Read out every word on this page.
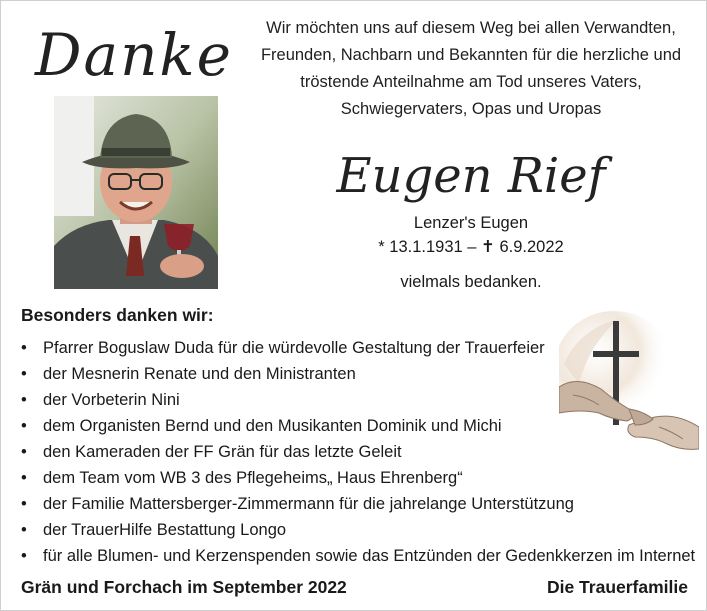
Danke	Wir möchten uns auf diesem Weg bei allen Verwandten,
Freunden, Nachbarn und Bekannten für die herzliche und
tröstende Anteilnahme am Tod unseres Vaters,
Schwiegervaters, Opas und Uropas
Eugen Rief
Lenzer's Eugen
* 13.1.1931 – ✝ 6.9.2022
vielmals bedanken.
Besonders danken wir:
• Pfarrer Boguslaw Duda für die würdevolle Gestaltung der Trauerfeier
• der Mesnerin Renate und den Ministranten
• der Vorbeterin Nini
• dem Organisten Bernd und den Musikanten Dominik und Michi
• den Kameraden der FF Grän für das letzte Geleit
• dem Team vom WB 3 des Pflegeheims„ Haus Ehrenberg“
• der Familie Mattersberger-Zimmermann für die jahrelange Unterstützung
• der TrauerHilfe Bestattung Longo
• für alle Blumen- und Kerzenspenden sowie das Entzünden der Gedenkkerzen im Internet
Grän und Forchach im September 2022	Die Trauerfamilie
